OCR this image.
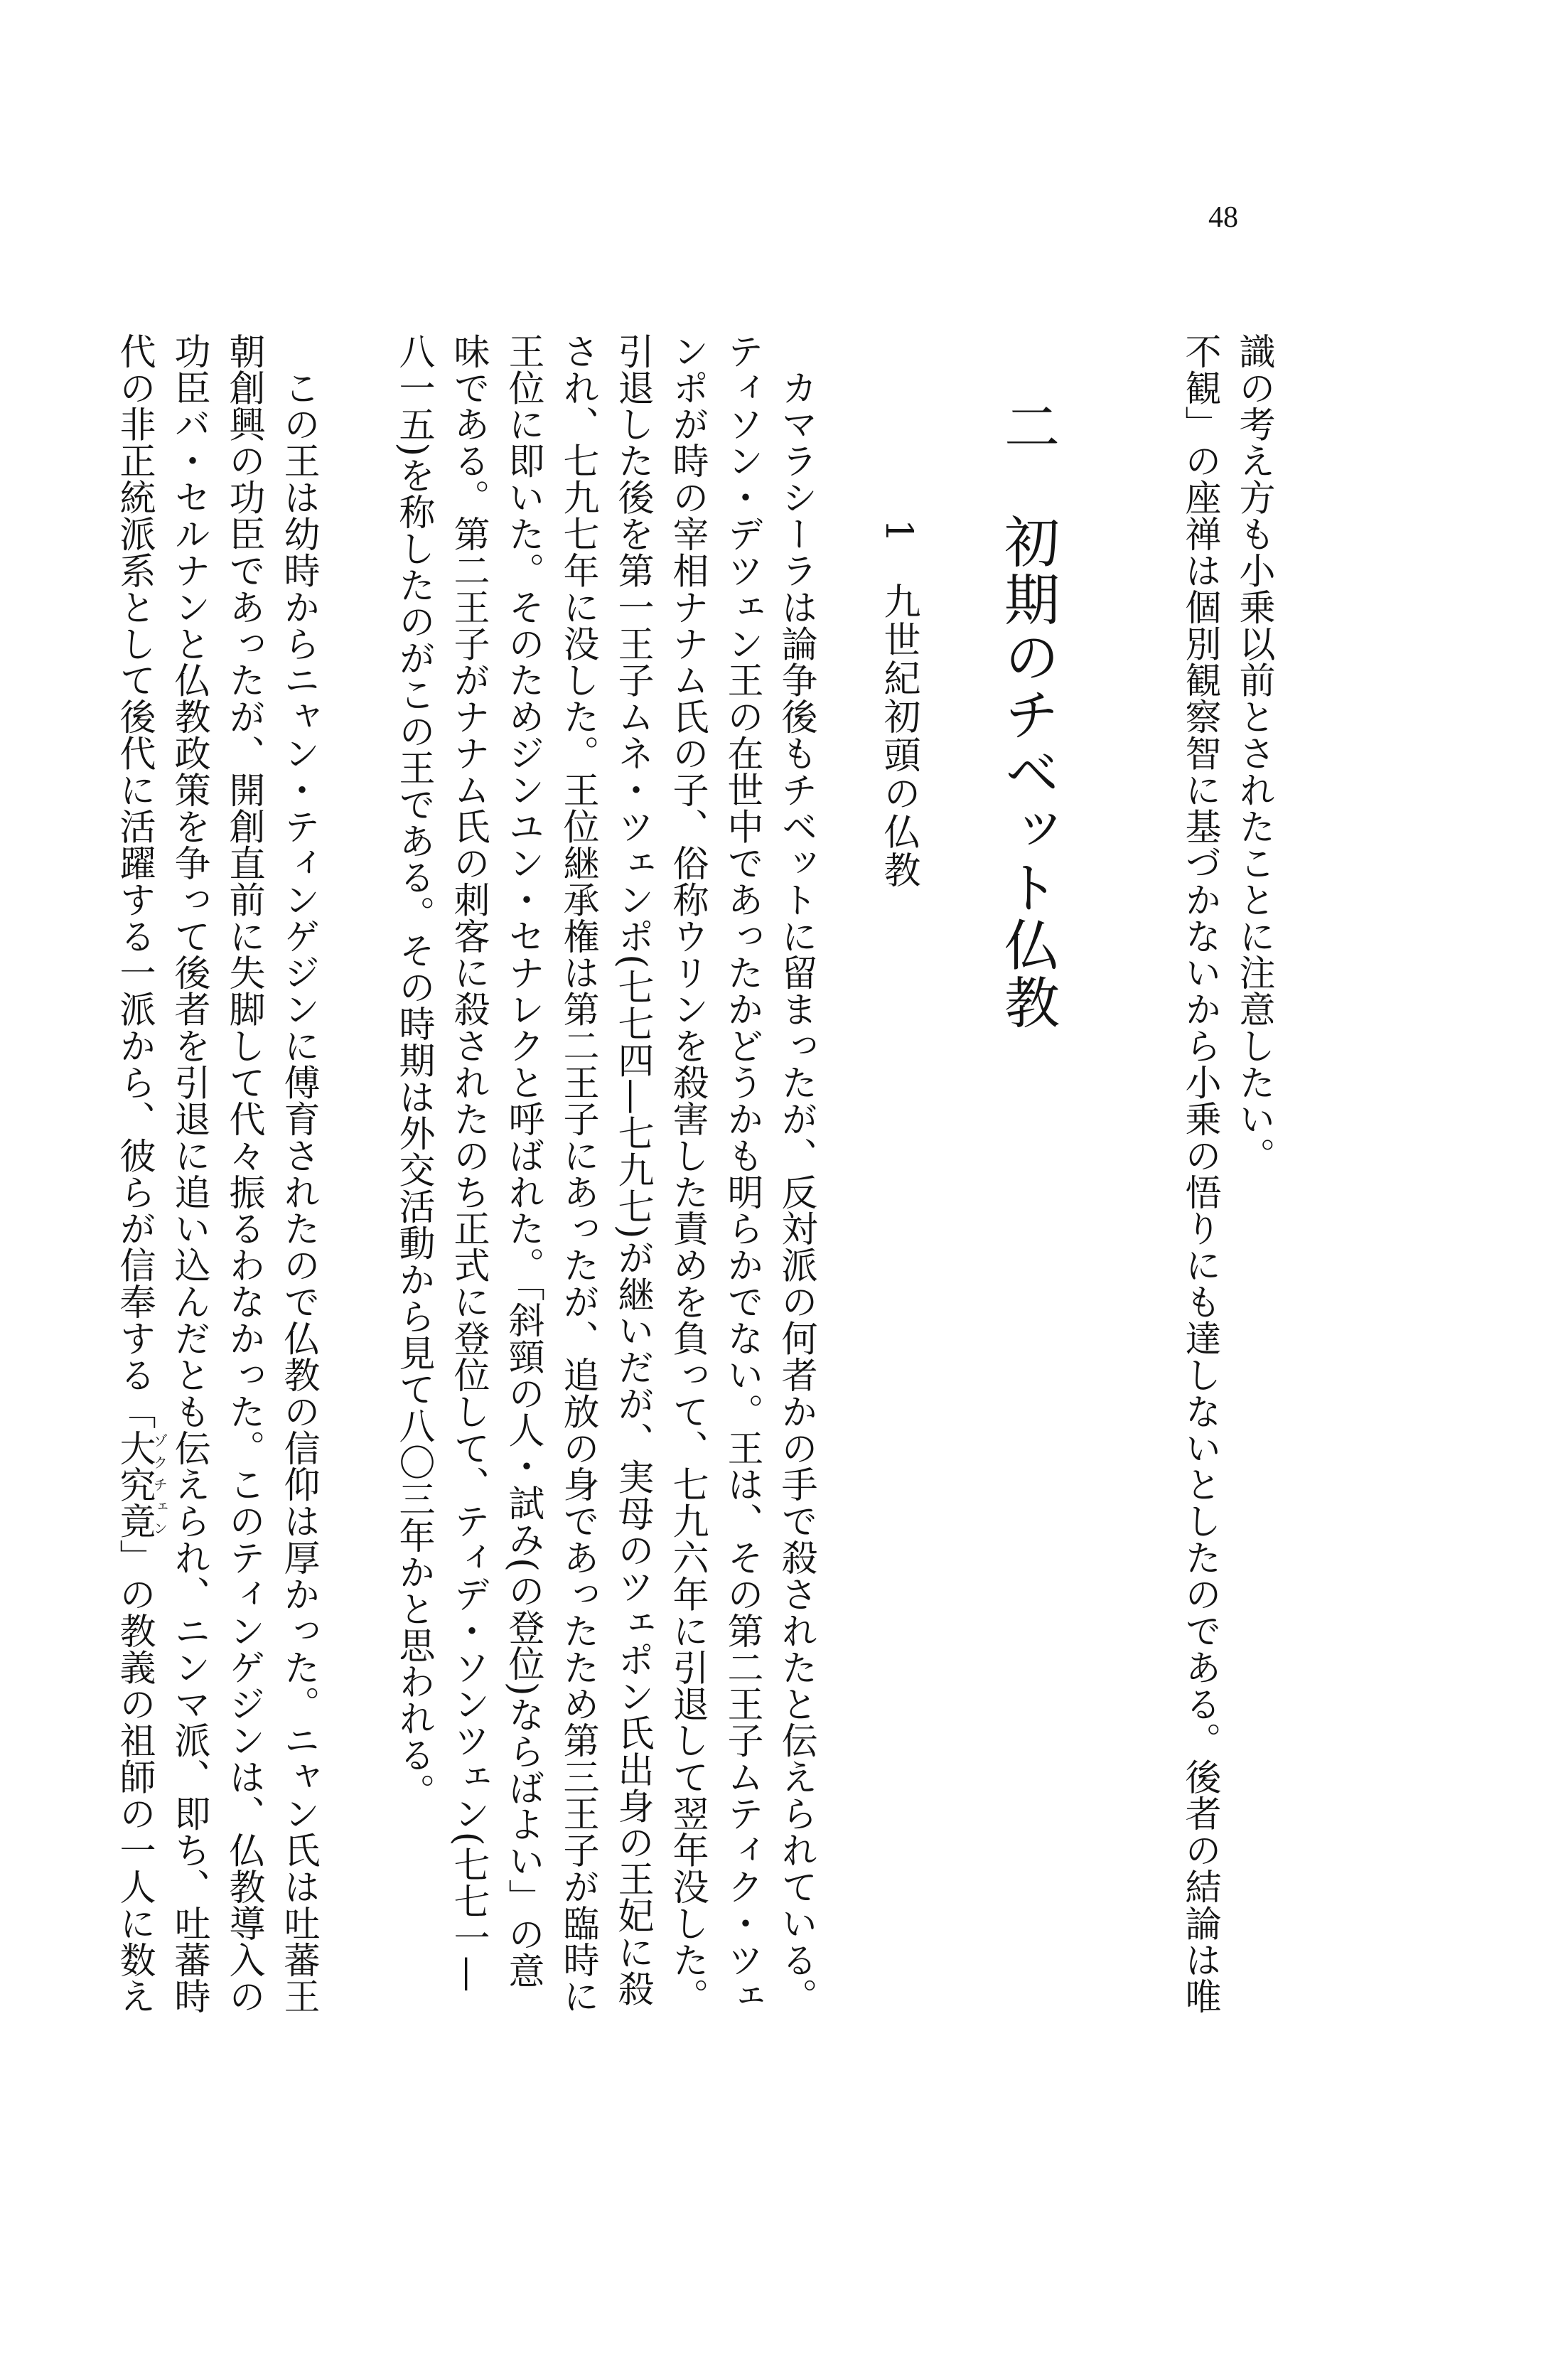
48
識の考え方も小乗以前とされたことに注意したい。
不観」の座禅は個別観察智に基づかないから小乗の悟りにも達しないとしたのである。後者の結論は唯
二　初期のチベット仏教
1　九世紀初頭の仏教
　カマラシーラは論争後もチベットに留まったが、反対派の何者かの手で殺されたと伝えられている。
ティソン・デツェン王の在世中であったかどうかも明らかでない。王は、その第二王子ムティク・ツェ
ンポが時の宰相ナナム氏の子、俗称ウリンを殺害した責めを負って、七九六年に引退して翌年没した。
引退した後を第一王子ムネ・ツェンポ(七七四—七九七)が継いだが、実母のツェポン氏出身の王妃に殺
され、七九七年に没した。王位継承権は第二王子にあったが、追放の身であったため第三王子が臨時に
王位に即いた。そのためジンユン・セナレクと呼ばれた。「斜頸の人・試み(の登位)ならばよい」の意
味である。第二王子がナナム氏の刺客に殺されたのち正式に登位して、ティデ・ソンツェン(七七一—
八一五)を称したのがこの王である。その時期は外交活動から見て八〇三年かと思われる。
　この王は幼時からニャン・ティンゲジンに傅育されたので仏教の信仰は厚かった。ニャン氏は吐蕃王
朝創興の功臣であったが、開創直前に失脚して代々振るわなかった。このティンゲジンは、仏教導入の
功臣バ・セルナンと仏教政策を争って後者を引退に追い込んだとも伝えられ、ニンマ派、即ち、吐蕃時
代の非正統派系として後代に活躍する一派から、彼らが信奉する「大究竟ゾクチェン」の教義の祖師の一人に数え
